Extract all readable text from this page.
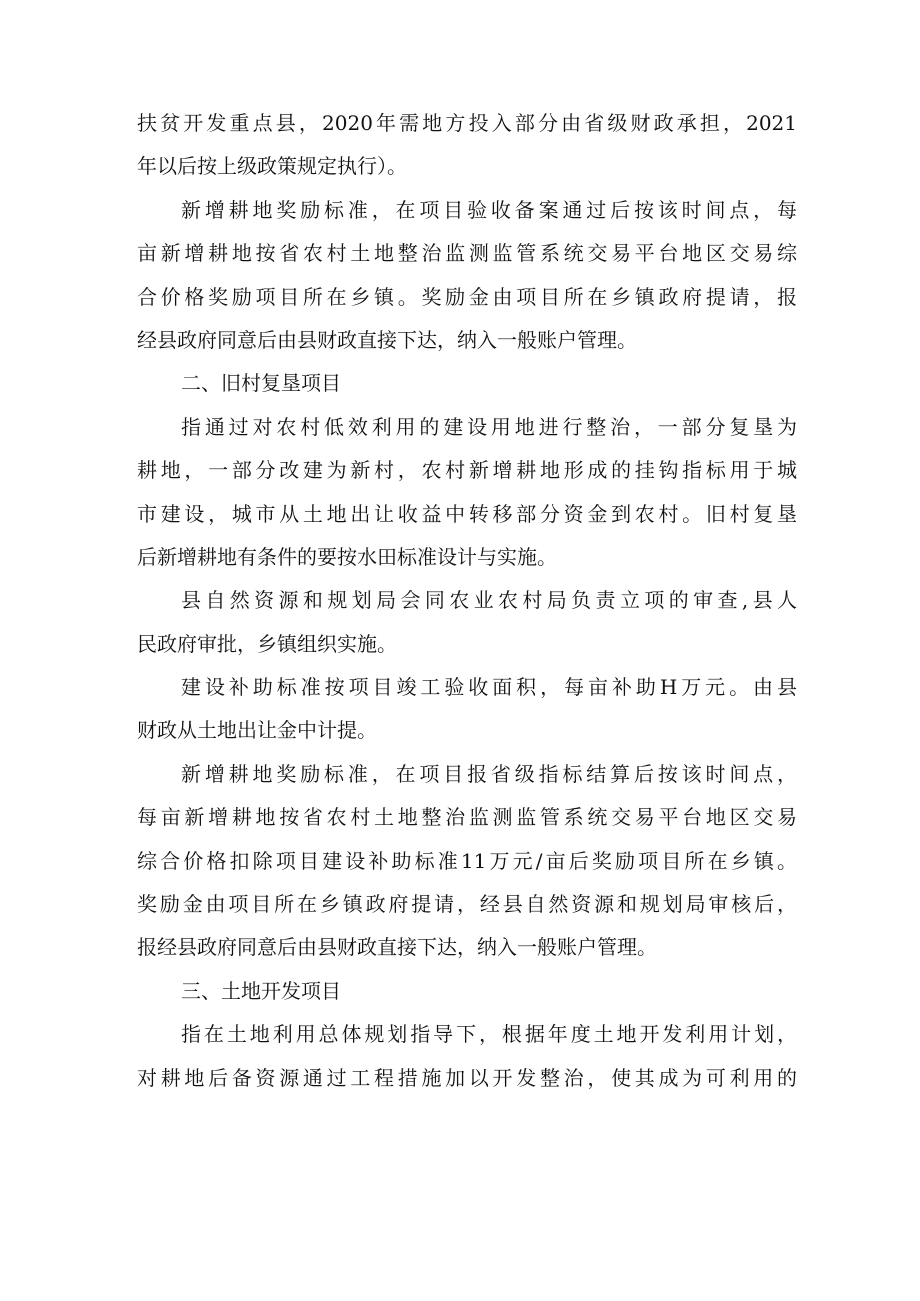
扶贫开发重点县，2020年需地方投入部分由省级财政承担，2021
年以后按上级政策规定执行）。
新增耕地奖励标准，在项目验收备案通过后按该时间点，每
亩新增耕地按省农村土地整治监测监管系统交易平台地区交易综
合价格奖励项目所在乡镇。奖励金由项目所在乡镇政府提请，报
经县政府同意后由县财政直接下达，纳入一般账户管理。
二、旧村复垦项目
指通过对农村低效利用的建设用地进行整治，一部分复垦为
耕地，一部分改建为新村，农村新增耕地形成的挂钩指标用于城
市建设，城市从土地出让收益中转移部分资金到农村。旧村复垦
后新增耕地有条件的要按水田标准设计与实施。
县自然资源和规划局会同农业农村局负责立项的审查,县人
民政府审批，乡镇组织实施。
建设补助标准按项目竣工验收面积，每亩补助H万元。由县
财政从土地出让金中计提。
新增耕地奖励标准，在项目报省级指标结算后按该时间点，
每亩新增耕地按省农村土地整治监测监管系统交易平台地区交易
综合价格扣除项目建设补助标准11万元/亩后奖励项目所在乡镇。
奖励金由项目所在乡镇政府提请，经县自然资源和规划局审核后，
报经县政府同意后由县财政直接下达，纳入一般账户管理。
三、土地开发项目
指在土地利用总体规划指导下，根据年度土地开发利用计划，
对耕地后备资源通过工程措施加以开发整治，使其成为可利用的
